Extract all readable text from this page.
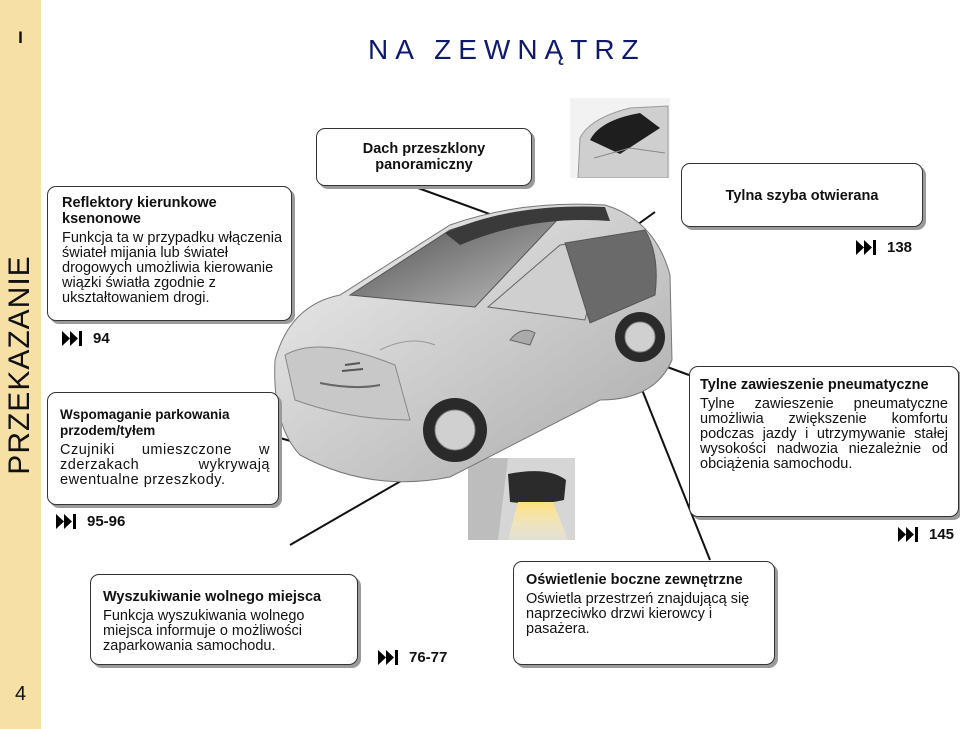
I
PRZEKAZANIE
4
NA ZEWNĄTRZ
Dach przeszklony panoramiczny
Tylna szyba otwierana
138
Reflektory kierunkowe ksenonowe
Funkcja ta w przypadku włączenia świateł mijania lub świateł drogowych umożliwia kierowanie wiązki światła zgodnie z ukształtowaniem drogi.
94
Wspomaganie parkowania przodem/tyłem
Czujniki umieszczone w zderzakach wykrywają ewentualne przeszkody.
95-96
Tylne zawieszenie pneumatyczne
Tylne zawieszenie pneumatyczne umożliwia zwiększenie komfortu podczas jazdy i utrzymywanie stałej wysokości nadwozia niezależnie od obciążenia samochodu.
145
Wyszukiwanie wolnego miejsca
Funkcja wyszukiwania wolnego miejsca informuje o możliwości zaparkowania samochodu.
76-77
Oświetlenie boczne zewnętrzne
Oświetla przestrzeń znajdującą się naprzeciwko drzwi kierowcy i pasażera.
